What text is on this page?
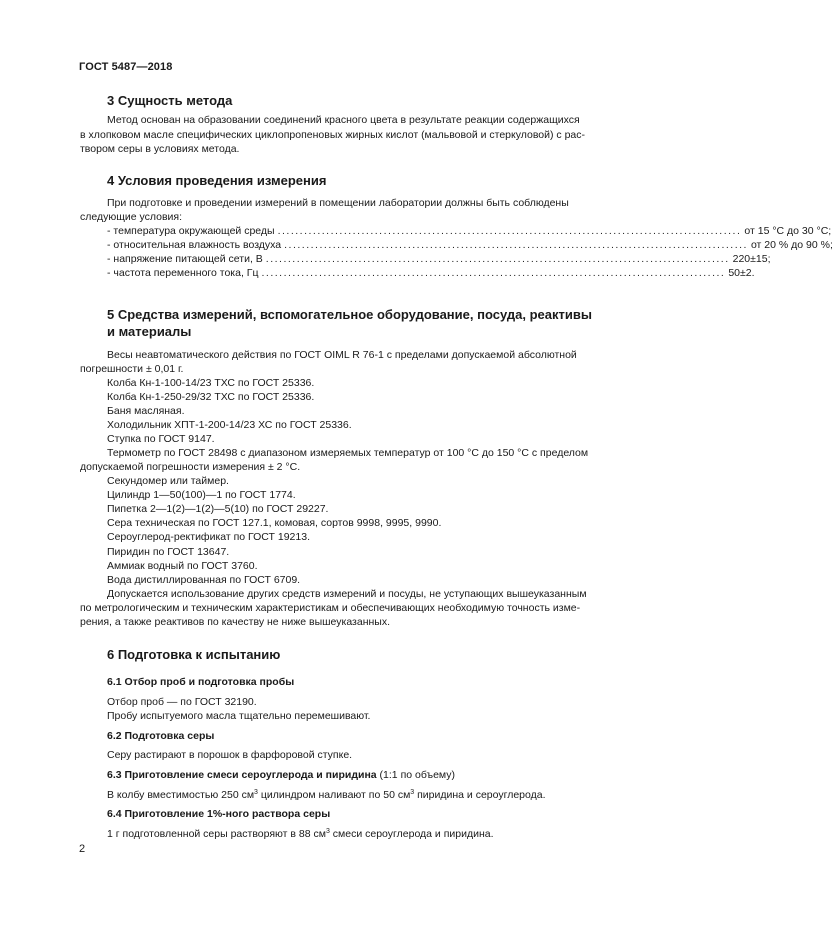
ГОСТ 5487—2018
3 Сущность метода
Метод основан на образовании соединений красного цвета в результате реакции содержащихся
в хлопковом масле специфических циклопропеновых жирных кислот (мальвовой и стеркуловой) с рас-
твором серы в условиях метода.
4 Условия проведения измерения
При подготовке и проведении измерений в помещении лаборатории должны быть соблюдены
следующие условия:
- температура окружающей среды ......................................................................................................... от 15 °С до 30 °С;
- относительная влажность воздуха ......................................................................................................... от 20 % до 90 %;
- напряжение питающей сети, В ......................................................................................................... 220±15;
- частота переменного тока, Гц ......................................................................................................... 50±2.
5 Средства измерений, вспомогательное оборудование, посуда, реактивы
и материалы
Весы неавтоматического действия по ГОСТ OIML R 76-1 с пределами допускаемой абсолютной
погрешности ± 0,01 г.
Колба Кн-1-100-14/23 ТХС по ГОСТ 25336.
Колба Кн-1-250-29/32 ТХС по ГОСТ 25336.
Баня масляная.
Холодильник ХПТ-1-200-14/23 ХС по ГОСТ 25336.
Ступка по ГОСТ 9147.
Термометр по ГОСТ 28498 с диапазоном измеряемых температур от 100 °С до 150 °С с пределом
допускаемой погрешности измерения ± 2 °С.
Секундомер или таймер.
Цилиндр 1—50(100)—1 по ГОСТ 1774.
Пипетка 2—1(2)—1(2)—5(10) по ГОСТ 29227.
Сера техническая по ГОСТ 127.1, комовая, сортов 9998, 9995, 9990.
Сероуглерод-ректификат по ГОСТ 19213.
Пиридин по ГОСТ 13647.
Аммиак водный по ГОСТ 3760.
Вода дистиллированная по ГОСТ 6709.
Допускается использование других средств измерений и посуды, не уступающих вышеуказанным
по метрологическим и техническим характеристикам и обеспечивающих необходимую точность изме-
рения, а также реактивов по качеству не ниже вышеуказанных.
6 Подготовка к испытанию
6.1 Отбор проб и подготовка пробы
Отбор проб — по ГОСТ 32190.
Пробу испытуемого масла тщательно перемешивают.
6.2 Подготовка серы
Серу растирают в порошок в фарфоровой ступке.
6.3 Приготовление смеси сероуглерода и пиридина (1:1 по объему)
В колбу вместимостью 250 $см^3$ цилиндром наливают по 50 $см^3$ пиридина и сероуглерода.
6.4 Приготовление 1%-ного раствора серы
1 г подготовленной серы растворяют в 88 $см^3$ смеси сероуглерода и пиридина.
2
